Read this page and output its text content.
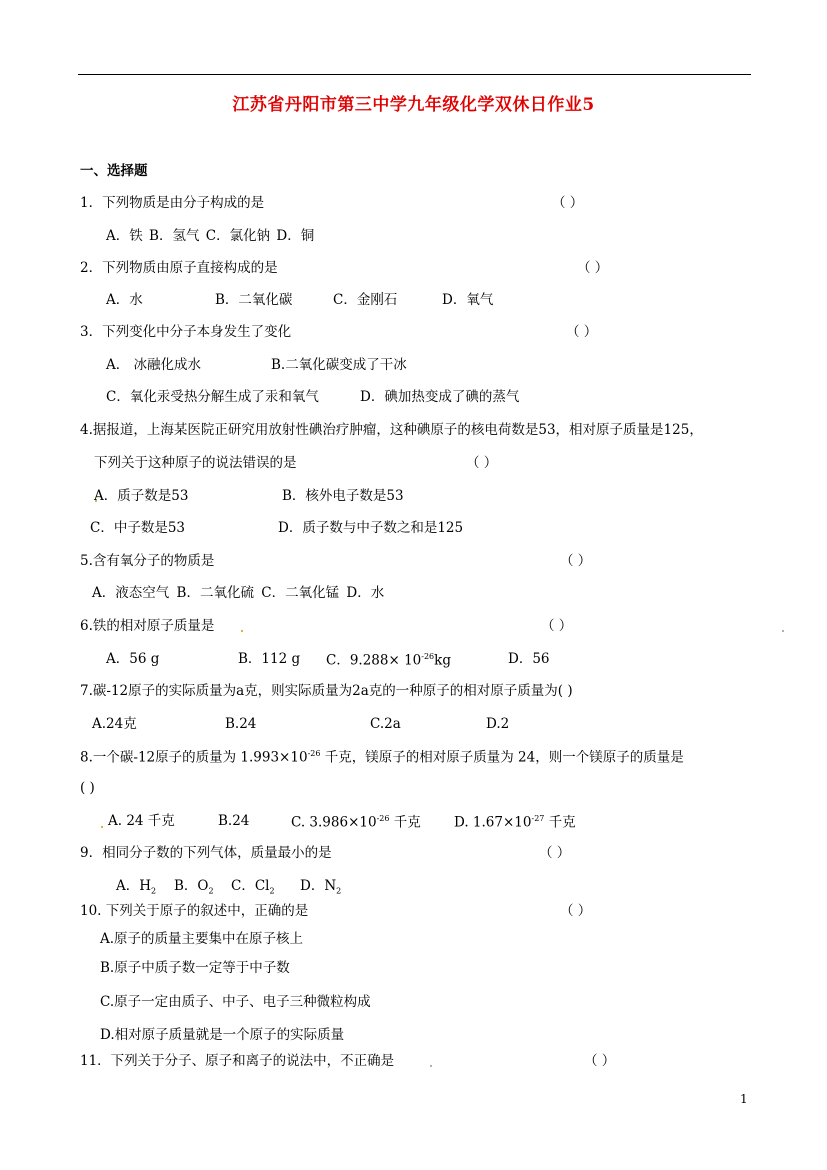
江苏省丹阳市第三中学九年级化学双休日作业5
一、选择题
1．下列物质是由分子构成的是	（ ）
A．铁 B．氢气 C．氯化钠 D．铜
2．下列物质由原子直接构成的是	（ ）
A．水	B．二氧化碳	C．金刚石	D．氧气
3．下列变化中分子本身发生了变化	（ ）
A． 冰融化成水	B.二氧化碳变成了干冰
C．氧化汞受热分解生成了汞和氧气	D．碘加热变成了碘的蒸气
4.据报道，上海某医院正研究用放射性碘治疗肿瘤，这种碘原子的核电荷数是53，相对原子质量是125，
下列关于这种原子的说法错误的是	（ ）
A．质子数是53	B．核外电子数是53
C．中子数是53	D．质子数与中子数之和是125
5.含有氧分子的物质是	（ ）
A．液态空气 B．二氧化硫 C．二氧化锰 D．水
6.铁的相对原子质量是	（ ）
A．56 g	B．112 g C．$9.288\times 10^{-26}kg$	D．56
7.碳-12原子的实际质量为a克，则实际质量为2a克的一种原子的相对原子质量为( )
A.24克	B.24	C.2a	D.2
8.一个碳-12原子的质量为 $1.993\times 10^{-26}$ 千克，镁原子的相对原子质量为 24，则一个镁原子的质量是
( )
A. 24 千克	B.24	C. $3.986\times 10^{-26}$ 千克 D. $1.67\times 10^{-27}$ 千克
9．相同分子数的下列气体，质量最小的是	（ ）
A．$H_2$ B．$O_2$ C．$Cl_2$ D．$N_2$
10. 下列关于原子的叙述中，正确的是	（ ）
A.原子的质量主要集中在原子核上
B.原子中质子数一定等于中子数
C.原子一定由质子、中子、电子三种微粒构成
D.相对原子质量就是一个原子的实际质量
11．下列关于分子、原子和离子的说法中，不正确是	（ ）
1
